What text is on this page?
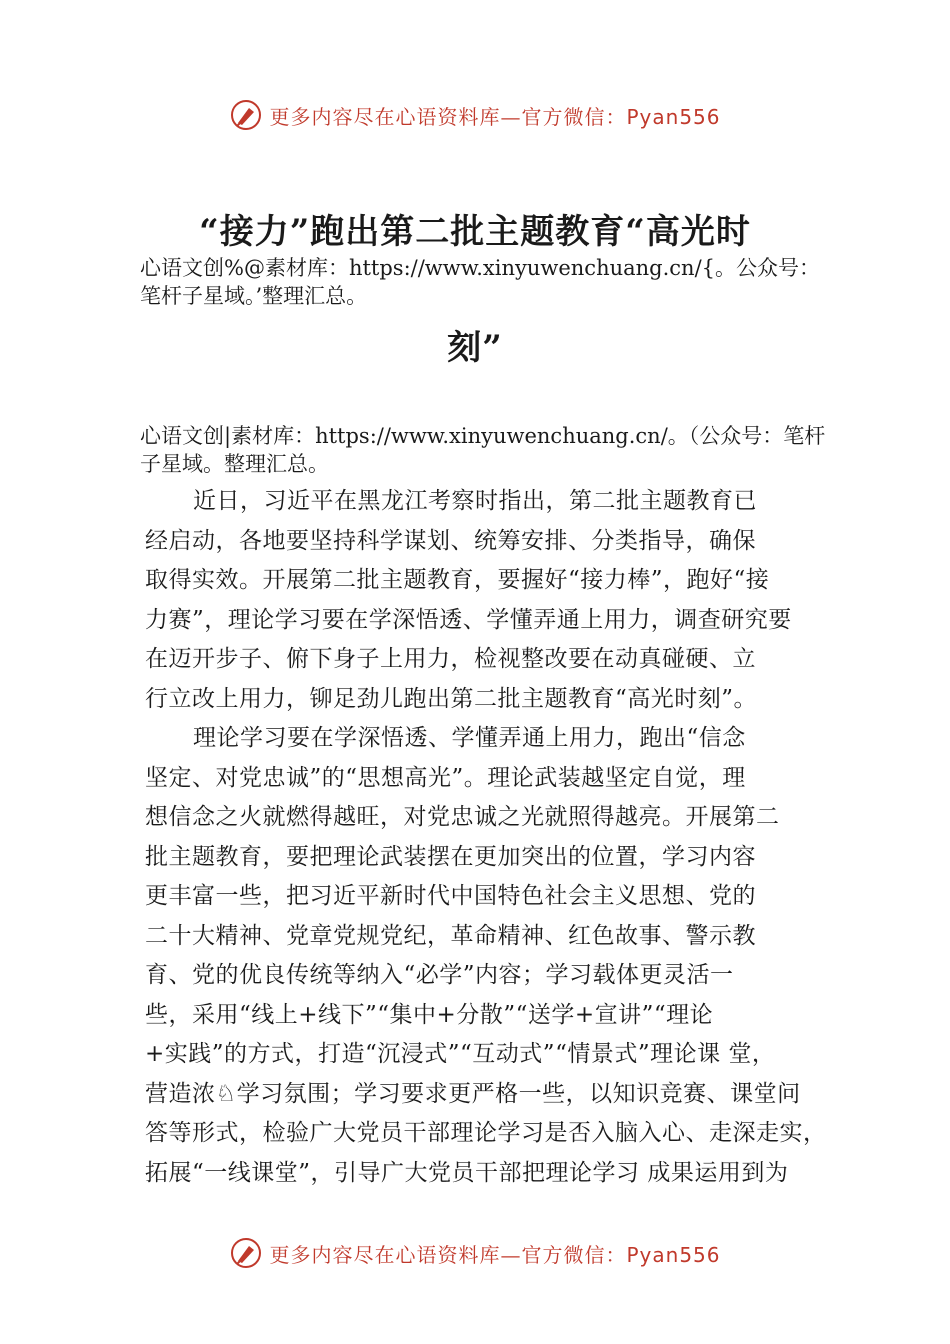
更多内容尽在心语资料库—官方微信：Pyan556
“接力”跑出第二批主题教育“高光时
心语文创%@素材库：https://www.xinyuwenchuang.cn/{。公众号：笔杆子星域。’整理汇总。
刻”
心语文创|素材库：https://www.xinyuwenchuang.cn/。（公众号：笔杆子星域。整理汇总。
近日，习近平在黑龙江考察时指出，第二批主题教育已
经启动，各地要坚持科学谋划、统筹安排、分类指导，确保
取得实效。开展第二批主题教育，要握好“接力棒”，跑好“接
力赛”，理论学习要在学深悟透、学懂弄通上用力，调查研究要
在迈开步子、俯下身子上用力，检视整改要在动真碰硬、立
行立改上用力，铆足劲儿跑出第二批主题教育“高光时刻”。
理论学习要在学深悟透、学懂弄通上用力，跑出“信念
坚定、对党忠诚”的“思想高光”。理论武装越坚定自觉，理
想信念之火就燃得越旺，对党忠诚之光就照得越亮。开展第二
批主题教育，要把理论武装摆在更加突出的位置，学习内容
更丰富一些，把习近平新时代中国特色社会主义思想、党的
二十大精神、党章党规党纪，革命精神、红色故事、警示教
育、党的优良传统等纳入“必学”内容；学习载体更灵活一
些，采用“线上+线下”“集中+分散”“送学+宣讲”“理论
+实践”的方式，打造“沉浸式”“互动式”“情景式”理论课 堂，
营造浓♘学习氛围；学习要求更严格一些，以知识竞赛、课堂问
答等形式，检验广大党员干部理论学习是否入脑入心、走深走实，
拓展“一线课堂”，引导广大党员干部把理论学习 成果运用到为
更多内容尽在心语资料库—官方微信：Pyan556
